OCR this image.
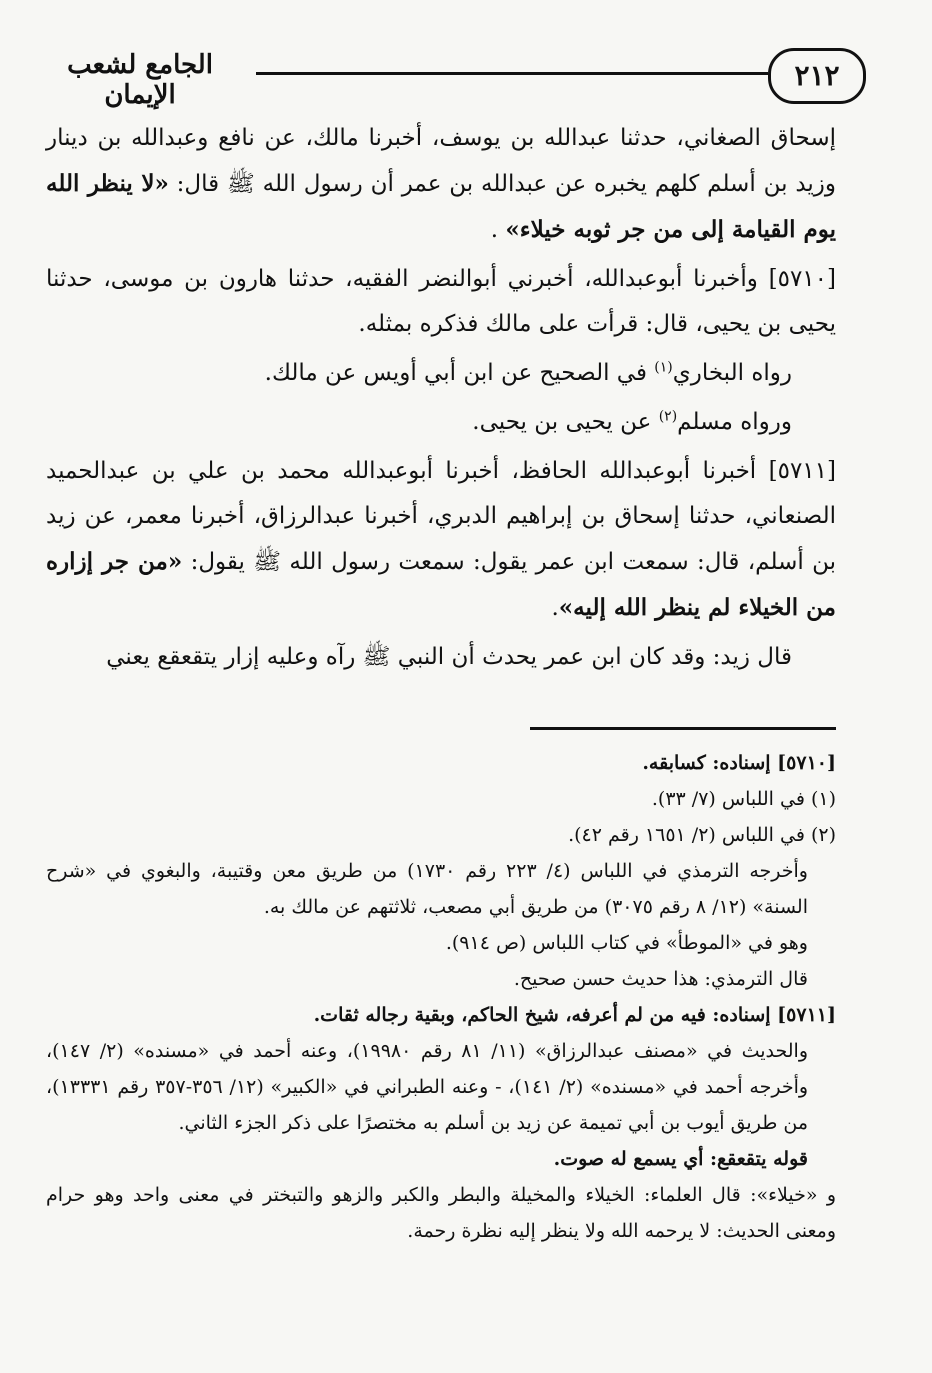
٢١٢
الجامع لشعب الإيمان

إسحاق الصغاني، حدثنا عبدالله بن يوسف، أخبرنا مالك، عن نافع وعبدالله بن دينار وزيد بن أسلم كلهم يخبره عن عبدالله بن عمر أن رسول الله ﷺ قال: «لا ينظر الله يوم القيامة إلى من جر ثوبه خيلاء» .

[٥٧١٠] وأخبرنا أبوعبدالله، أخبرني أبوالنضر الفقيه، حدثنا هارون بن موسى، حدثنا يحيى بن يحيى، قال: قرأت على مالك فذكره بمثله.

رواه البخاري$^{(١)}$ في الصحيح عن ابن أبي أويس عن مالك.

ورواه مسلم$^{(٢)}$ عن يحيى بن يحيى.

[٥٧١١] أخبرنا أبوعبدالله الحافظ، أخبرنا أبوعبدالله محمد بن علي بن عبدالحميد الصنعاني، حدثنا إسحاق بن إبراهيم الدبري، أخبرنا عبدالرزاق، أخبرنا معمر، عن زيد بن أسلم، قال: سمعت ابن عمر يقول: سمعت رسول الله ﷺ يقول: «من جر إزاره من الخيلاء لم ينظر الله إليه».

قال زيد: وقد كان ابن عمر يحدث أن النبي ﷺ رآه وعليه إزار يتقعقع يعني

[٥٧١٠] إسناده: كسابقه.

(١) في اللباس (٧/ ٣٣).

(٢) في اللباس (٢/ ١٦٥١ رقم ٤٢).

وأخرجه الترمذي في اللباس (٤/ ٢٢٣ رقم ١٧٣٠) من طريق معن وقتيبة، والبغوي في «شرح السنة» (١٢/ ٨ رقم ٣٠٧٥) من طريق أبي مصعب، ثلاثتهم عن مالك به.

وهو في «الموطأ» في كتاب اللباس (ص ٩١٤).

قال الترمذي: هذا حديث حسن صحيح.

[٥٧١١] إسناده: فيه من لم أعرفه، شيخ الحاكم، وبقية رجاله ثقات.

والحديث في «مصنف عبدالرزاق» (١١/ ٨١ رقم ١٩٩٨٠)، وعنه أحمد في «مسنده» (٢/ ١٤٧)، وأخرجه أحمد في «مسنده» (٢/ ١٤١)، - وعنه الطبراني في «الكبير» (١٢/ ٣٥٦-٣٥٧ رقم ١٣٣٣١)، من طريق أيوب بن أبي تميمة عن زيد بن أسلم به مختصرًا على ذكر الجزء الثاني.

قوله يتقعقع: أي يسمع له صوت.

و «خيلاء»: قال العلماء: الخيلاء والمخيلة والبطر والكبر والزهو والتبختر في معنى واحد وهو حرام ومعنى الحديث: لا يرحمه الله ولا ينظر إليه نظرة رحمة.
